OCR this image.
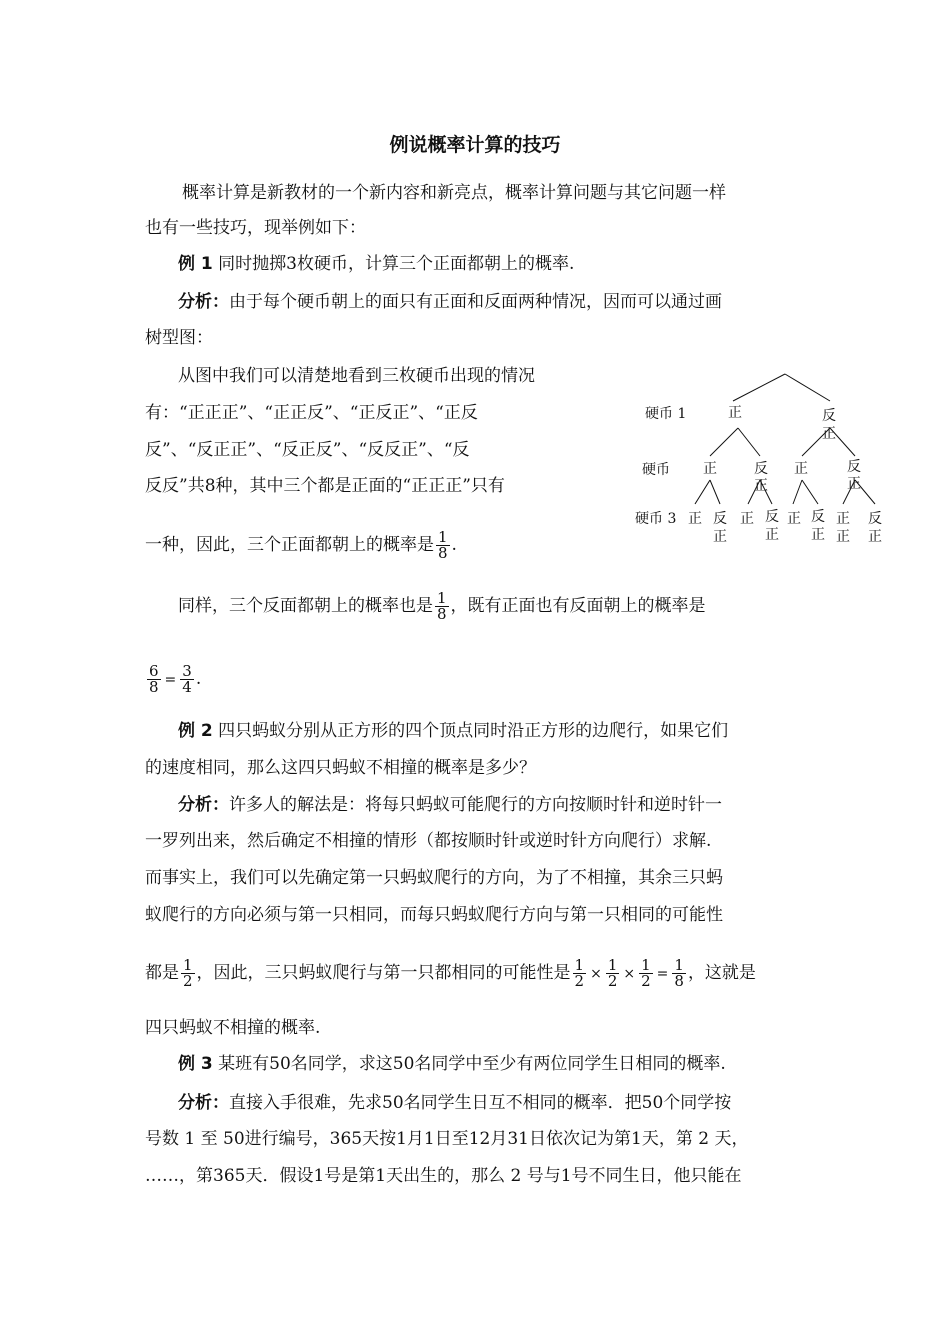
例说概率计算的技巧
概率计算是新教材的一个新内容和新亮点，概率计算问题与其它问题一样
也有一些技巧，现举例如下：
例 1 同时抛掷3枚硬币，计算三个正面都朝上的概率.
分析：由于每个硬币朝上的面只有正面和反面两种情况，因而可以通过画
树型图：
从图中我们可以清楚地看到三枚硬币出现的情况
有：“正正正”、“正正反”、“正反正”、“正反
反”、“反正正”、“反正反”、“反反正”、“反
反反”共8种，其中三个都是正面的“正正正”只有
一种，因此，三个正面都朝上的概率是 $\frac{1}{8}$ .
同样，三个反面都朝上的概率也是 $\frac{1}{8}$ ，既有正面也有反面朝上的概率是
$\frac{6}{8} = \frac{3}{4}$ .
硬币 1	正	反
正
硬币 正	反
正
正	反
正
硬币 3 正 反
正
正 反
正
正 反
正
正
正
反
正
例 2 四只蚂蚁分别从正方形的四个顶点同时沿正方形的边爬行，如果它们
的速度相同，那么这四只蚂蚁不相撞的概率是多少？
分析：许多人的解法是：将每只蚂蚁可能爬行的方向按顺时针和逆时针一
一罗列出来，然后确定不相撞的情形（都按顺时针或逆时针方向爬行）求解.
而事实上，我们可以先确定第一只蚂蚁爬行的方向，为了不相撞，其余三只蚂
蚁爬行的方向必须与第一只相同，而每只蚂蚁爬行方向与第一只相同的可能性
都是 $\frac{1}{2}$ ，因此，三只蚂蚁爬行与第一只都相同的可能性是 $\frac{1}{2} \times \frac{1}{2} \times \frac{1}{2} = \frac{1}{8}$ ，这就是
四只蚂蚁不相撞的概率.
例 3 某班有50名同学，求这50名同学中至少有两位同学生日相同的概率.
分析：直接入手很难，先求50名同学生日互不相同的概率．把50个同学按
号数 1 至 50进行编号，365天按1月1日至12月31日依次记为第1天，第 2 天，
……，第365天．假设1号是第1天出生的，那么 2 号与1号不同生日，他只能在
